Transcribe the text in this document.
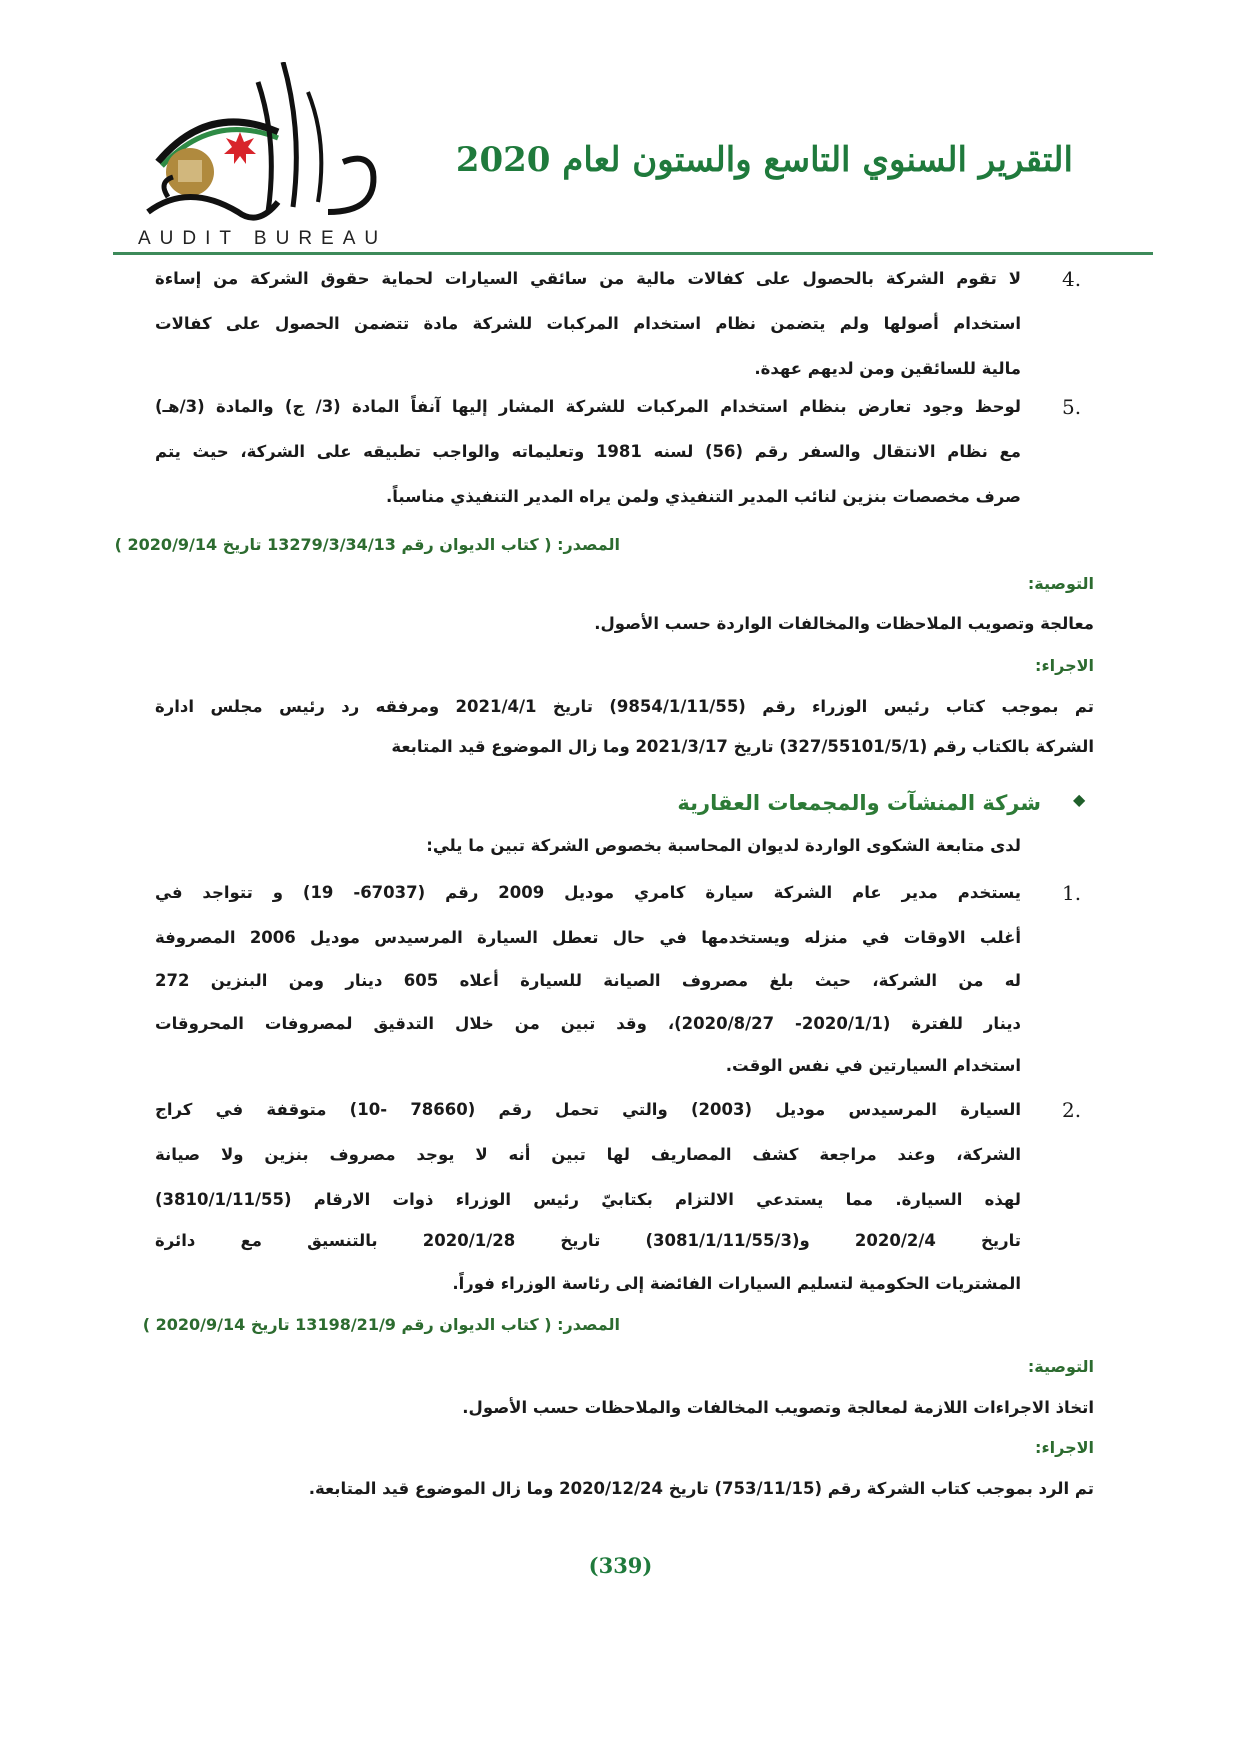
AUDIT BUREAU
التقرير السنوي التاسع والستون لعام 2020
4.
لا تقوم الشركة بالحصول على كفالات مالية من سائقي السيارات لحماية حقوق الشركة من إساءة
استخدام أصولها ولم يتضمن نظام استخدام المركبات للشركة مادة تتضمن الحصول على كفالات
مالية للسائقين ومن لديهم عهدة.
5.
لوحظ وجود تعارض بنظام استخدام المركبات للشركة المشار إليها آنفاً المادة (3/ ج) والمادة (3/هـ)
مع نظام الانتقال والسفر رقم (56) لسنه 1981 وتعليماته والواجب تطبيقه على الشركة، حيث يتم
صرف مخصصات بنزين لنائب المدير التنفيذي ولمن يراه المدير التنفيذي مناسباً.
المصدر: ( كتاب الديوان رقم 13279/3/34/13 تاريخ 2020/9/14 )
التوصية:
معالجة وتصويب الملاحظات والمخالفات الواردة حسب الأصول.
الاجراء:
تم بموجب كتاب رئيس الوزراء رقم (9854/1/11/55) تاريخ 2021/4/1 ومرفقه رد رئيس مجلس ادارة
الشركة بالكتاب رقم (327/55101/5/1) تاريخ 2021/3/17 وما زال الموضوع قيد المتابعة
◆
شركة المنشآت والمجمعات العقارية
لدى متابعة الشكوى الواردة لديوان المحاسبة بخصوص الشركة تبين ما يلي:
1.
يستخدم مدير عام الشركة سيارة كامري موديل 2009 رقم (67037- 19) و تتواجد في
أغلب الاوقات في منزله ويستخدمها في حال تعطل السيارة المرسيدس موديل 2006 المصروفة
له من الشركة، حيث بلغ مصروف الصيانة للسيارة أعلاه 605 دينار ومن البنزين 272
دينار للفترة (2020/1/1- 2020/8/27)، وقد تبين من خلال التدقيق لمصروفات المحروقات
استخدام السيارتين في نفس الوقت.
2.
السيارة المرسيدس موديل (2003) والتي تحمل رقم (78660 -10) متوقفة في كراج
الشركة، وعند مراجعة كشف المصاريف لها تبين أنه لا يوجد مصروف بنزين ولا صيانة
لهذه السيارة. مما يستدعي الالتزام بكتابيّ رئيس الوزراء ذوات الارقام (3810/1/11/55)
تاريخ 2020/2/4 و(3081/1/11/55/3) تاريخ 2020/1/28 بالتنسيق مع دائرة
المشتريات الحكومية لتسليم السيارات الفائضة إلى رئاسة الوزراء فوراً.
المصدر: ( كتاب الديوان رقم 13198/21/9 تاريخ 2020/9/14 )
التوصية:
اتخاذ الاجراءات اللازمة لمعالجة وتصويب المخالفات والملاحظات حسب الأصول.
الاجراء:
تم الرد بموجب كتاب الشركة رقم (753/11/15) تاريخ 2020/12/24 وما زال الموضوع قيد المتابعة.
(339)
